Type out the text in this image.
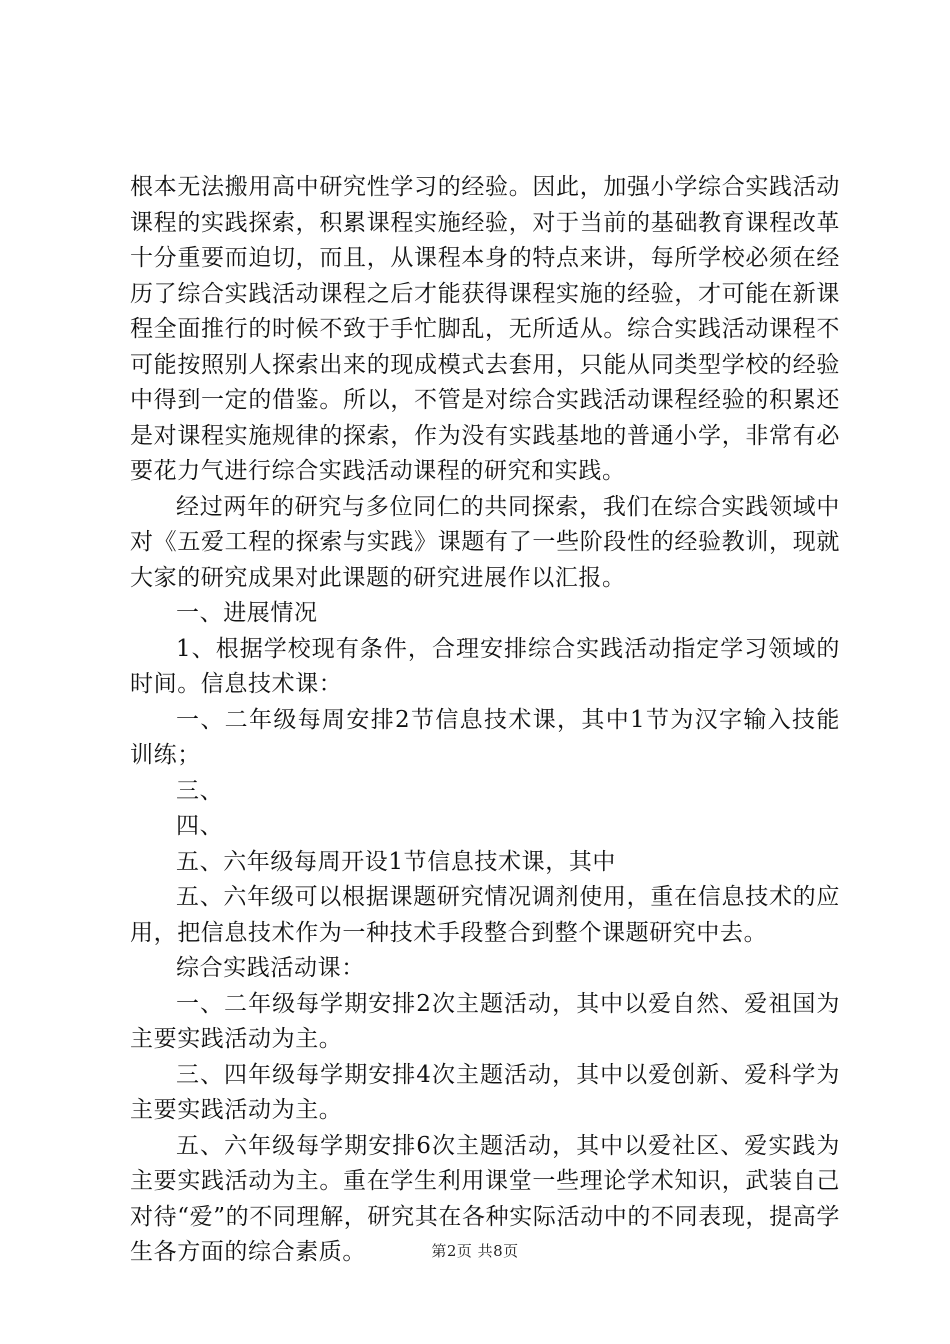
根本无法搬用高中研究性学习的经验。因此，加强小学综合实践活动课程的实践探索，积累课程实施经验，对于当前的基础教育课程改革十分重要而迫切，而且，从课程本身的特点来讲，每所学校必须在经历了综合实践活动课程之后才能获得课程实施的经验，才可能在新课程全面推行的时候不致于手忙脚乱，无所适从。综合实践活动课程不可能按照别人探索出来的现成模式去套用，只能从同类型学校的经验中得到一定的借鉴。所以，不管是对综合实践活动课程经验的积累还是对课程实施规律的探索，作为没有实践基地的普通小学，非常有必要花力气进行综合实践活动课程的研究和实践。

经过两年的研究与多位同仁的共同探索，我们在综合实践领域中对《五爱工程的探索与实践》课题有了一些阶段性的经验教训，现就大家的研究成果对此课题的研究进展作以汇报。

一、进展情况

1、根据学校现有条件，合理安排综合实践活动指定学习领域的时间。信息技术课：

一、二年级每周安排2节信息技术课，其中1节为汉字输入技能训练；

三、

四、

五、六年级每周开设1节信息技术课，其中

五、六年级可以根据课题研究情况调剂使用，重在信息技术的应用，把信息技术作为一种技术手段整合到整个课题研究中去。

综合实践活动课：

一、二年级每学期安排2次主题活动，其中以爱自然、爱祖国为主要实践活动为主。

三、四年级每学期安排4次主题活动，其中以爱创新、爱科学为主要实践活动为主。

五、六年级每学期安排6次主题活动，其中以爱社区、爱实践为主要实践活动为主。重在学生利用课堂一些理论学术知识，武装自己对待“爱”的不同理解，研究其在各种实际活动中的不同表现，提高学生各方面的综合素质。	第2页 共8页
